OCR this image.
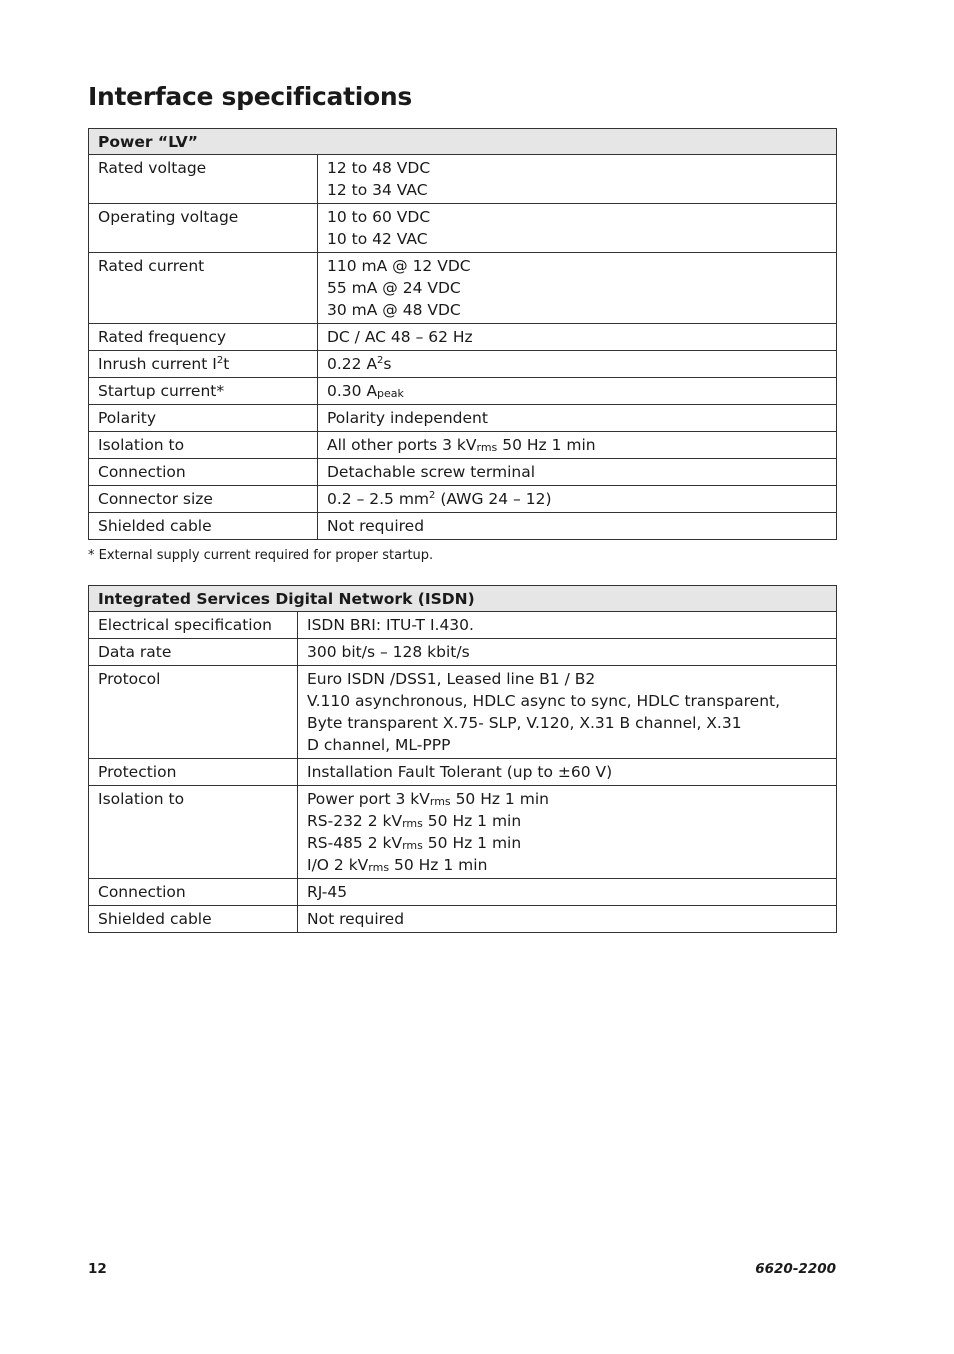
Interface specifications
Power “LV”	
Rated voltage	12 to 48 VDC
12 to 34 VAC

Operating voltage	10 to 60 VDC
10 to 42 VAC

Rated current	110 mA @ 12 VDC
55 mA @ 24 VDC
30 mA @ 48 VDC

Rated frequency	DC / AC 48 – 62 Hz
Inrush current $I^2t$	0.22 $A^2s$
Startup current*	0.30 $A_{peak}$
Polarity	Polarity independent
Isolation to	All other ports 3 $kV_{rms}$ 50 Hz 1 min
Connection	Detachable screw terminal
Connector size	0.2 – 2.5 $mm^2$ (AWG 24 – 12)
Shielded cable	Not required
* External supply current required for proper startup.
Integrated Services Digital Network (ISDN)	
Electrical specification	ISDN BRI: ITU-T I.430.
Data rate	300 bit/s – 128 kbit/s
Protocol	Euro ISDN /DSS1, Leased line B1 / B2
V.110 asynchronous, HDLC async to sync, HDLC transparent,
Byte transparent X.75- SLP, V.120, X.31 B channel, X.31
D channel, ML-PPP

Protection	Installation Fault Tolerant (up to ±60 V)
Isolation to	Power port 3 $kV_{rms}$ 50 Hz 1 min
RS-232 2 $kV_{rms}$ 50 Hz 1 min
RS-485 2 $kV_{rms}$ 50 Hz 1 min
I/O 2 $kV_{rms}$ 50 Hz 1 min

Connection	RJ-45
Shielded cable	Not required
12	6620-2200
